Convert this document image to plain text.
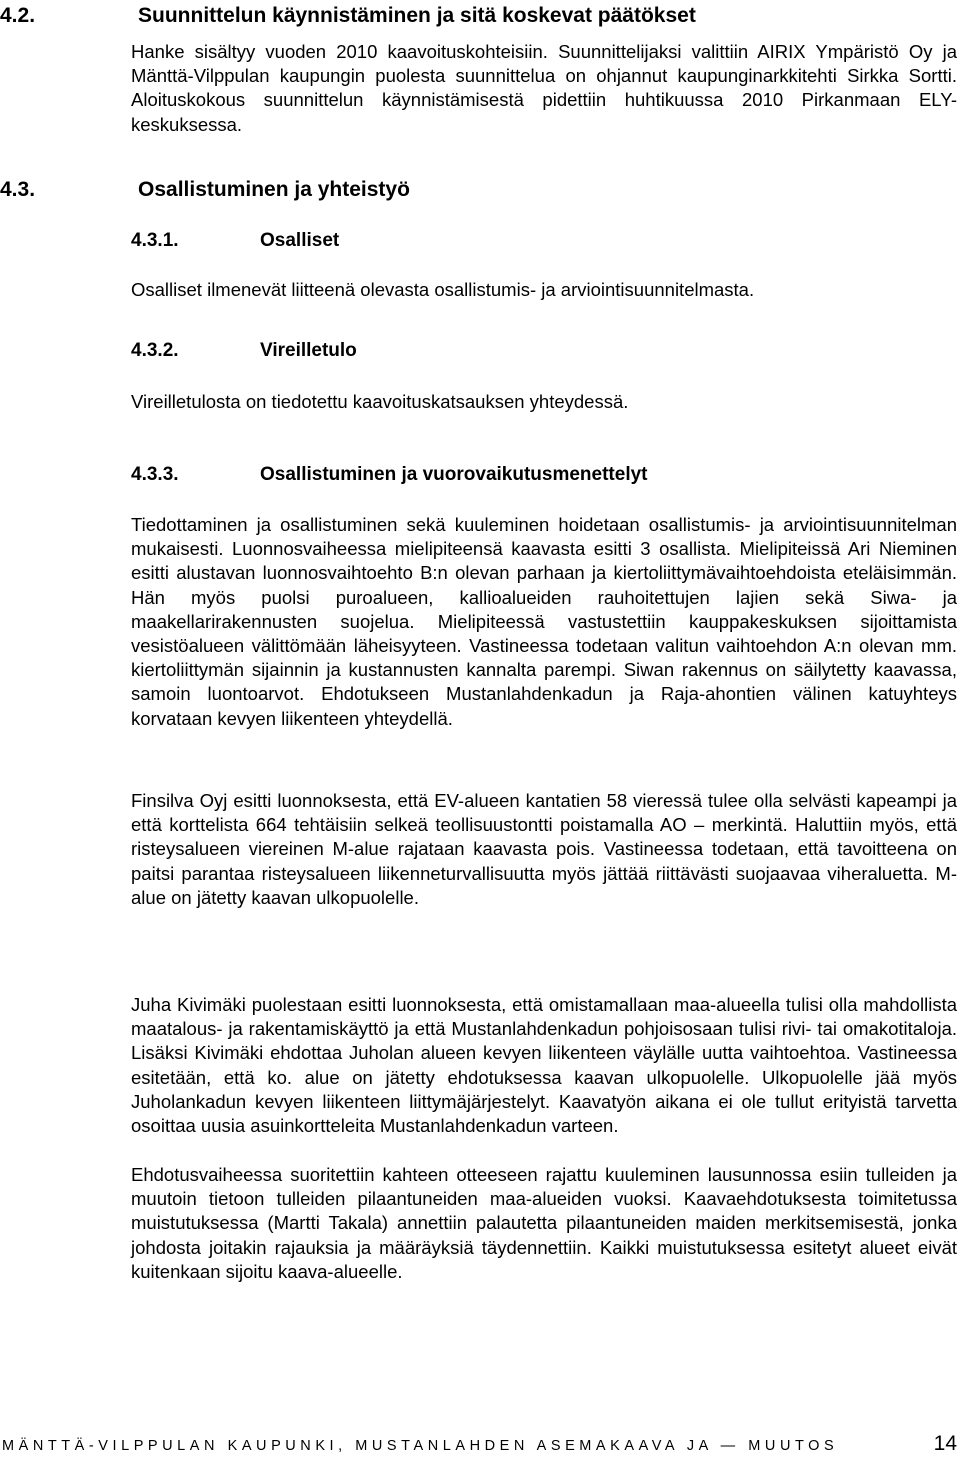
4.2.	Suunnittelun käynnistäminen ja sitä koskevat päätökset

Hanke sisältyy vuoden 2010 kaavoituskohteisiin. Suunnittelijaksi valittiin AIRIX Ympäristö Oy ja Mänttä-Vilppulan kaupungin puolesta suunnittelua on ohjannut kaupunginarkkitehti Sirkka Sortti. Aloituskokous suunnittelun käynnistämisestä pidettiin huhtikuussa 2010 Pirkanmaan ELY-keskuksessa.

4.3.	Osallistuminen ja yhteistyö
4.3.1.	Osalliset

Osalliset ilmenevät liitteenä olevasta osallistumis- ja arviointisuunnitelmasta.

4.3.2.	Vireilletulo

Vireilletulosta on tiedotettu kaavoituskatsauksen yhteydessä.

4.3.3.	Osallistuminen ja vuorovaikutusmenettelyt

Tiedottaminen ja osallistuminen sekä kuuleminen hoidetaan osallistumis- ja arviointisuunnitelman mukaisesti. Luonnosvaiheessa mielipiteensä kaavasta esitti 3 osallista. Mielipiteissä Ari Nieminen esitti alustavan luonnosvaihtoehto B:n olevan parhaan ja kiertoliittymävaihtoehdoista eteläisimmän. Hän myös puolsi puroalueen, kallioalueiden rauhoitettujen lajien sekä Siwa- ja maakellarirakennusten suojelua. Mielipiteessä vastustettiin kauppakeskuksen sijoittamista vesistöalueen välittömään läheisyyteen. Vastineessa todetaan valitun vaihtoehdon A:n olevan mm. kiertoliittymän sijainnin ja kustannusten kannalta parempi. Siwan rakennus on säilytetty kaavassa, samoin luontoarvot. Ehdotukseen Mustanlahdenkadun ja Raja-ahontien välinen katuyhteys korvataan kevyen liikenteen yhteydellä.

Finsilva Oyj esitti luonnoksesta, että EV-alueen kantatien 58 vieressä tulee olla selvästi kapeampi ja että korttelista 664 tehtäisiin selkeä teollisuustontti poistamalla AO – merkintä. Haluttiin myös, että risteysalueen viereinen M-alue rajataan kaavasta pois. Vastineessa todetaan, että tavoitteena on paitsi parantaa risteysalueen liikenneturvallisuutta myös jättää riittävästi suojaavaa viheraluetta. M-alue on jätetty kaavan ulkopuolelle.

Juha Kivimäki puolestaan esitti luonnoksesta, että omistamallaan maa-alueella tulisi olla mahdollista maatalous- ja rakentamiskäyttö ja että Mustanlahdenkadun pohjoisosaan tulisi rivi- tai omakotitaloja. Lisäksi Kivimäki ehdottaa Juholan alueen kevyen liikenteen väylälle uutta vaihtoehtoa. Vastineessa esitetään, että ko. alue on jätetty ehdotuksessa kaavan ulkopuolelle. Ulkopuolelle jää myös Juholankadun kevyen liikenteen liittymäjärjestelyt. Kaavatyön aikana ei ole tullut erityistä tarvetta osoittaa uusia asuinkortteleita Mustanlahdenkadun varteen.

Ehdotusvaiheessa suoritettiin kahteen otteeseen rajattu kuuleminen lausunnossa esiin tulleiden ja muutoin tietoon tulleiden pilaantuneiden maa-alueiden vuoksi. Kaavaehdotuksesta toimitetussa muistutuksessa (Martti Takala) annettiin palautetta pilaantuneiden maiden merkitsemisestä, jonka johdosta joitakin rajauksia ja määräyksiä täydennettiin. Kaikki muistutuksessa esitetyt alueet eivät kuitenkaan sijoitu kaava-alueelle.

MÄNTTÄ-VILPPULAN KAUPUNKI, MUSTANLAHDEN ASEMAKAAVA JA — MUUTOS	14
